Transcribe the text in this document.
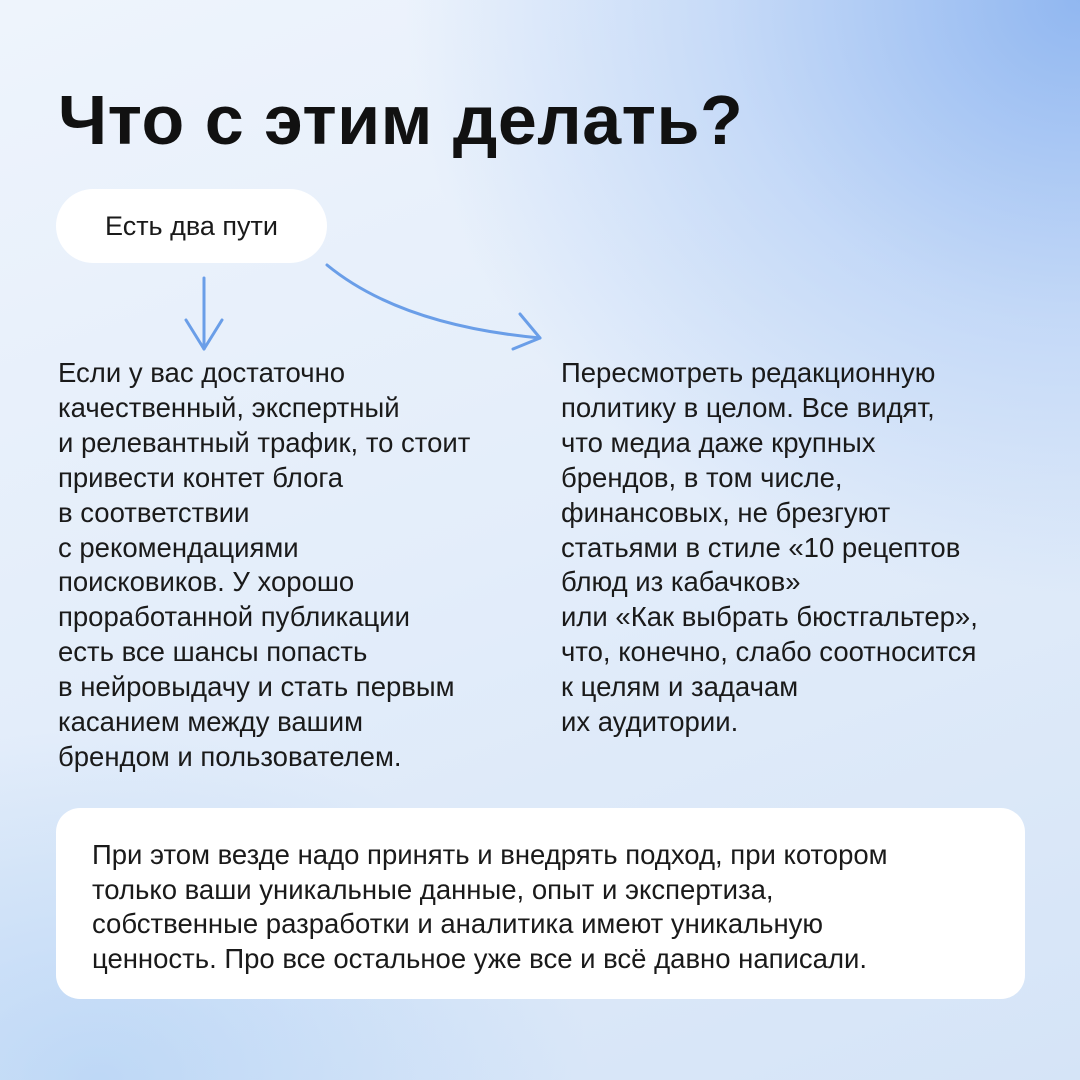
Что с этим делать?
Есть два пути
Если у вас достаточно
качественный, экспертный
и релевантный трафик, то стоит
привести контет блога
в соответствии
с рекомендациями
поисковиков. У хорошо
проработанной публикации
есть все шансы попасть
в нейровыдачу и стать первым
касанием между вашим
брендом и пользователем.
Пересмотреть редакционную
политику в целом. Все видят,
что медиа даже крупных
брендов, в том числе,
финансовых, не брезгуют
статьями в стиле «10 рецептов
блюд из кабачков»
или «Как выбрать бюстгальтер»,
что, конечно, слабо соотносится
к целям и задачам
их аудитории.
При этом везде надо принять и внедрять подход, при котором
только ваши уникальные данные, опыт и экспертиза,
собственные разработки и аналитика имеют уникальную
ценность. Про все остальное уже все и всё давно написали.
